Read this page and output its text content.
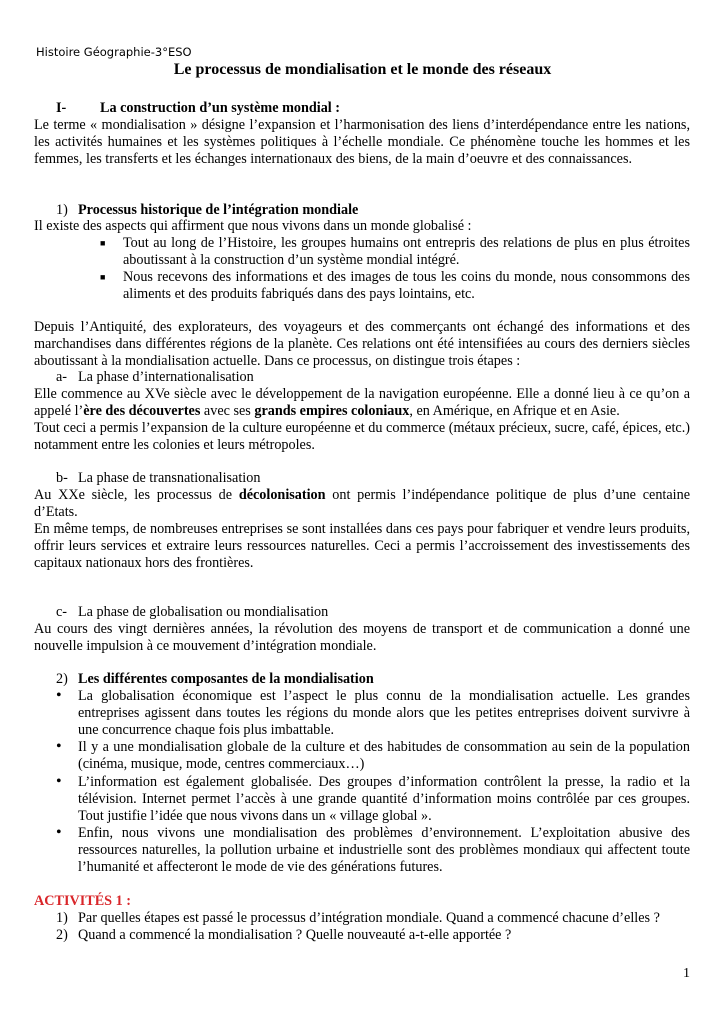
Histoire Géographie-3°ESO
Le processus de mondialisation et le monde des réseaux
I- La construction d’un système mondial :
Le terme « mondialisation » désigne l’expansion et l’harmonisation des liens d’interdépendance entre les nations, les activités humaines et les systèmes politiques à l’échelle mondiale. Ce phénomène touche les hommes et les femmes, les transferts et les échanges internationaux des biens, de la main d’oeuvre et des connaissances.
1) Processus historique de l’intégration mondiale
Il existe des aspects qui affirment que nous vivons dans un monde globalisé :
■ Tout au long de l’Histoire, les groupes humains ont entrepris des relations de plus en plus étroites aboutissant à la construction d’un système mondial intégré.
■ Nous recevons des informations et des images de tous les coins du monde, nous consommons des aliments et des produits fabriqués dans des pays lointains, etc.
Depuis l’Antiquité, des explorateurs, des voyageurs et des commerçants ont échangé des informations et des marchandises dans différentes régions de la planète. Ces relations ont été intensifiées au cours des derniers siècles aboutissant à la mondialisation actuelle. Dans ce processus, on distingue trois étapes :
a- La phase d’internationalisation
Elle commence au XVe siècle avec le développement de la navigation européenne. Elle a donné lieu à ce qu’on a appelé l’ère des découvertes avec ses grands empires coloniaux, en Amérique, en Afrique et en Asie.
Tout ceci a permis l’expansion de la culture européenne et du commerce (métaux précieux, sucre, café, épices, etc.) notamment entre les colonies et leurs métropoles.
b- La phase de transnationalisation
Au XXe siècle, les processus de décolonisation ont permis l’indépendance politique de plus d’une centaine d’Etats.
En même temps, de nombreuses entreprises se sont installées dans ces pays pour fabriquer et vendre leurs produits, offrir leurs services et extraire leurs ressources naturelles. Ceci a permis l’accroissement des investissements des capitaux nationaux hors des frontières.
c- La phase de globalisation ou mondialisation
Au cours des vingt dernières années, la révolution des moyens de transport et de communication a donné une nouvelle impulsion à ce mouvement d’intégration mondiale.
2) Les différentes composantes de la mondialisation
• La globalisation économique est l’aspect le plus connu de la mondialisation actuelle. Les grandes entreprises agissent dans toutes les régions du monde alors que les petites entreprises doivent survivre à une concurrence chaque fois plus imbattable.
• Il y a une mondialisation globale de la culture et des habitudes de consommation au sein de la population (cinéma, musique, mode, centres commerciaux…)
• L’information est également globalisée. Des groupes d’information contrôlent la presse, la radio et la télévision. Internet permet l’accès à une grande quantité d’information moins contrôlée par ces groupes. Tout justifie l’idée que nous vivons dans un « village global ».
• Enfin, nous vivons une mondialisation des problèmes d’environnement. L’exploitation abusive des ressources naturelles, la pollution urbaine et industrielle sont des problèmes mondiaux qui affectent toute l’humanité et affecteront le mode de vie des générations futures.
ACTIVITÉS 1 :
1) Par quelles étapes est passé le processus d’intégration mondiale. Quand a commencé chacune d’elles ?
2) Quand a commencé la mondialisation ? Quelle nouveauté a-t-elle apportée ?
1
